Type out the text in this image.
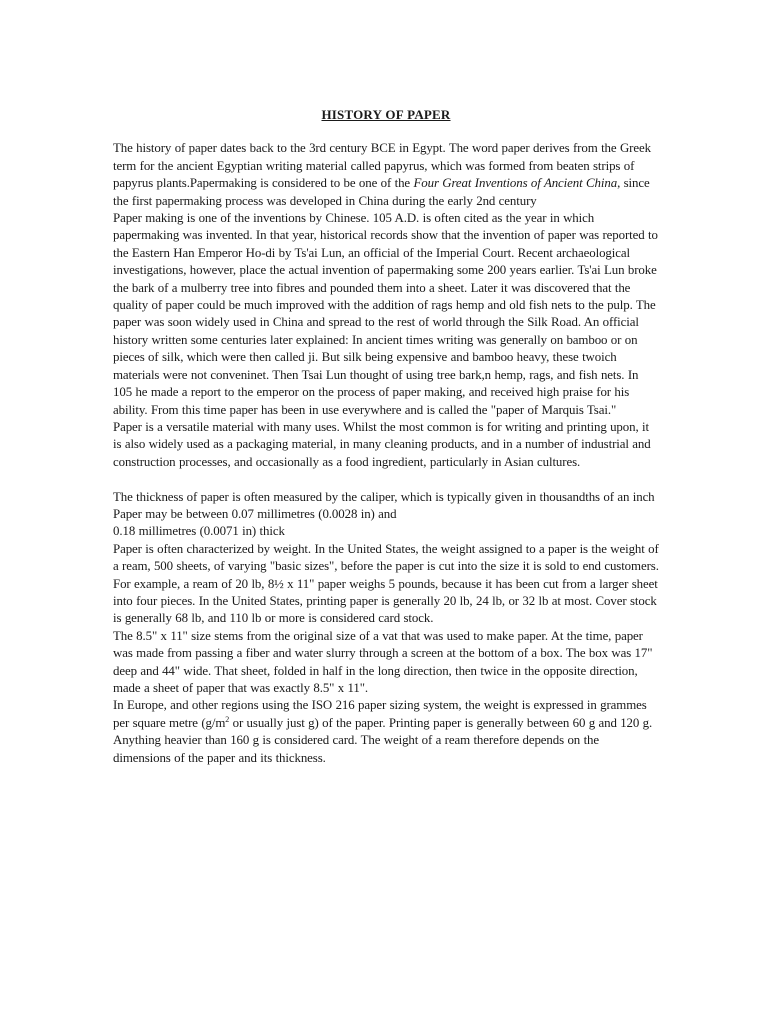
HISTORY OF PAPER

The history of paper dates back to the 3rd century BCE in Egypt. The word paper derives from the Greek term for the ancient Egyptian writing material called papyrus, which was formed from beaten strips of papyrus plants.Papermaking is considered to be one of the Four Great Inventions of Ancient China, since the first papermaking process was developed in China during the early 2nd century

Paper making is one of the inventions by Chinese. 105 A.D. is often cited as the year in which papermaking was invented. In that year, historical records show that the invention of paper was reported to the Eastern Han Emperor Ho-di by Ts'ai Lun, an official of the Imperial Court. Recent archaeological investigations, however, place the actual invention of papermaking some 200 years earlier. Ts'ai Lun broke the bark of a mulberry tree into fibres and pounded them into a sheet. Later it was discovered that the quality of paper could be much improved with the addition of rags hemp and old fish nets to the pulp. The paper was soon widely used in China and spread to the rest of world through the Silk Road. An official history written some centuries later explained: In ancient times writing was generally on bamboo or on pieces of silk, which were then called ji. But silk being expensive and bamboo heavy, these twoich materials were not conveninet. Then Tsai Lun thought of using tree bark,n hemp, rags, and fish nets. In 105 he made a report to the emperor on the process of paper making, and received high praise for his ability. From this time paper has been in use everywhere and is called the "paper of Marquis Tsai."

Paper is a versatile material with many uses. Whilst the most common is for writing and printing upon, it is also widely used as a packaging material, in many cleaning products, and in a number of industrial and construction processes, and occasionally as a food ingredient, particularly in Asian cultures.

The thickness of paper is often measured by the caliper, which is typically given in thousandths of an inch Paper may be between 0.07 millimetres (0.0028 in) and
0.18 millimetres (0.0071 in) thick

Paper is often characterized by weight. In the United States, the weight assigned to a paper is the weight of a ream, 500 sheets, of varying "basic sizes", before the paper is cut into the size it is sold to end customers. For example, a ream of 20 lb, 8½ x 11" paper weighs 5 pounds, because it has been cut from a larger sheet into four pieces. In the United States, printing paper is generally 20 lb, 24 lb, or 32 lb at most. Cover stock is generally 68 lb, and 110 lb or more is considered card stock.

The 8.5" x 11" size stems from the original size of a vat that was used to make paper. At the time, paper was made from passing a fiber and water slurry through a screen at the bottom of a box. The box was 17" deep and 44" wide. That sheet, folded in half in the long direction, then twice in the opposite direction, made a sheet of paper that was exactly 8.5" x 11".

In Europe, and other regions using the ISO 216 paper sizing system, the weight is expressed in grammes per square metre ($g/m^2$ or usually just g) of the paper. Printing paper is generally between 60 g and 120 g. Anything heavier than 160 g is considered card. The weight of a ream therefore depends on the dimensions of the paper and its thickness.
